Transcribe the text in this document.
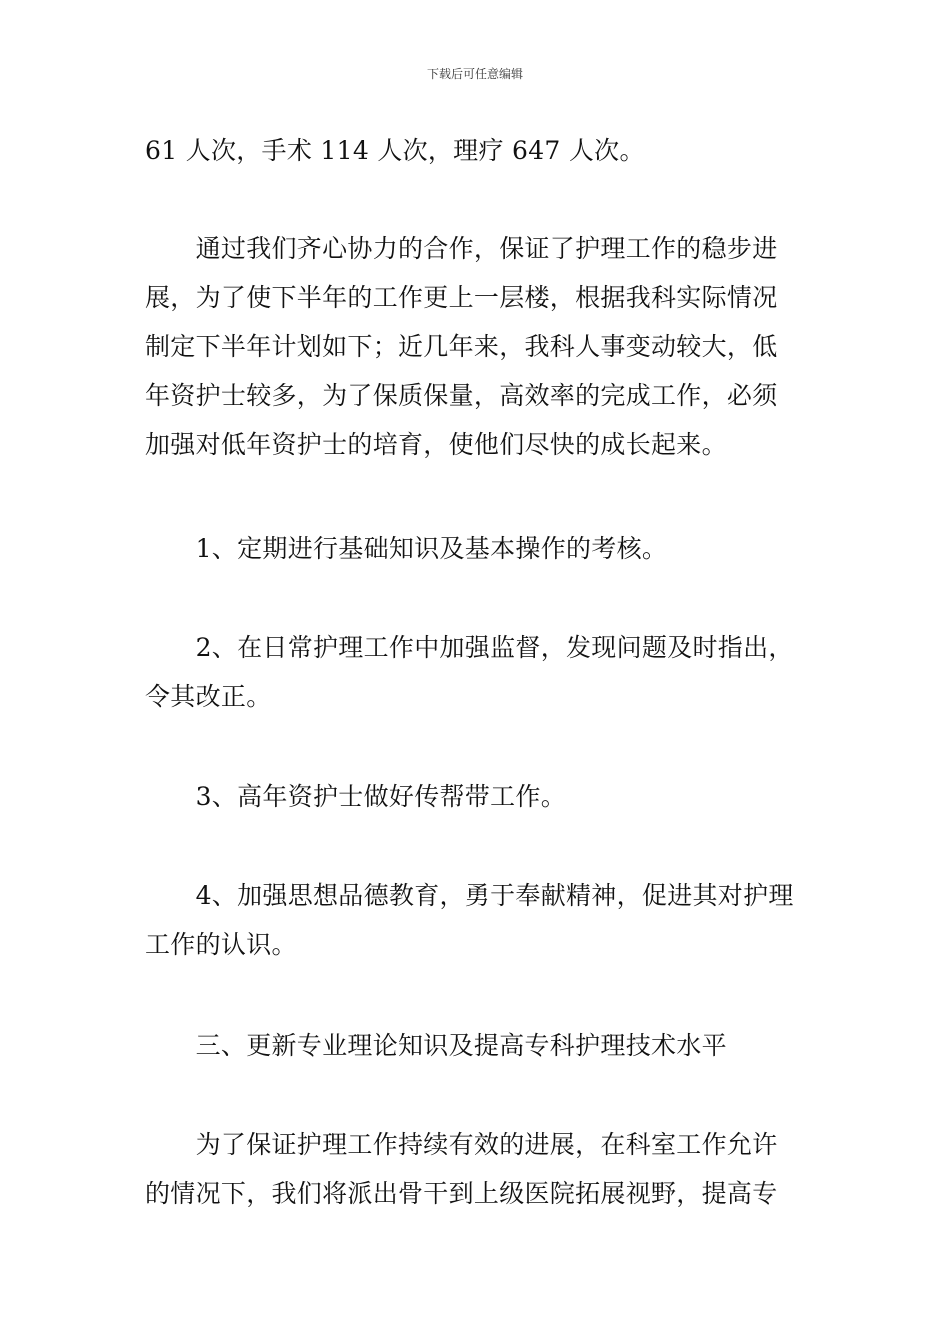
下载后可任意编辑
61 人次，手术 114 人次，理疗 647 人次。
　　通过我们齐心协力的合作，保证了护理工作的稳步进
展，为了使下半年的工作更上一层楼，根据我科实际情况
制定下半年计划如下；近几年来，我科人事变动较大，低
年资护士较多，为了保质保量，高效率的完成工作，必须
加强对低年资护士的培育，使他们尽快的成长起来。
　　1、定期进行基础知识及基本操作的考核。
　　2、在日常护理工作中加强监督，发现问题及时指出，
令其改正。
　　3、高年资护士做好传帮带工作。
　　4、加强思想品德教育，勇于奉献精神，促进其对护理
工作的认识。
　　三、更新专业理论知识及提高专科护理技术水平
　　为了保证护理工作持续有效的进展，在科室工作允许
的情况下，我们将派出骨干到上级医院拓展视野，提高专
